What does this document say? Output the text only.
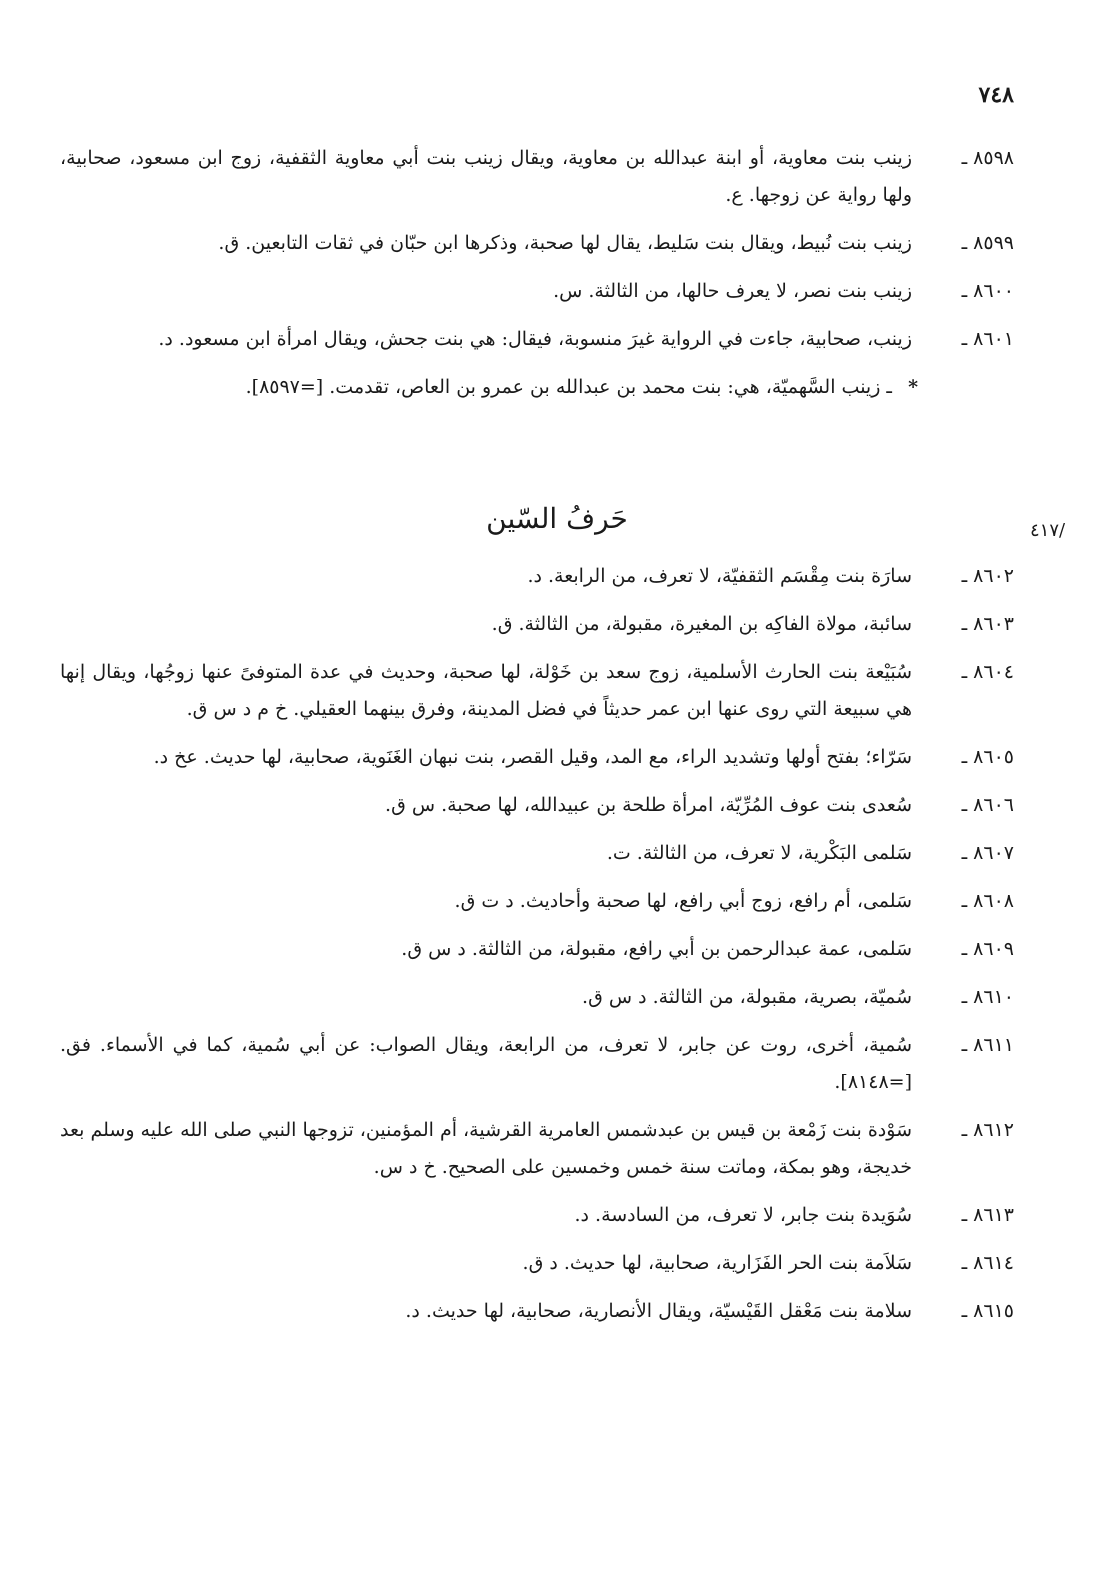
٧٤٨
٨٥٩٨ ـ
زينب بنت معاوية، أو ابنة عبدالله بن معاوية، ويقال زينب بنت أبي معاوية الثقفية، زوج ابن مسعود، صحابية، ولها رواية عن زوجها. ع.
٨٥٩٩ ـ
زينب بنت نُبيط، ويقال بنت سَليط، يقال لها صحبة، وذكرها ابن حبّان في ثقات التابعين. ق.
٨٦٠٠ ـ
زينب بنت نصر، لا يعرف حالها، من الثالثة. س.
٨٦٠١ ـ
زينب، صحابية، جاءت في الرواية غيرَ منسوبة، فيقال: هي بنت جحش، ويقال امرأة ابن مسعود. د.
*
ـ زينب السَّهميّة، هي: بنت محمد بن عبدالله بن عمرو بن العاص، تقدمت. [=٨٥٩٧].
حَرفُ السّين	/٤١٧
٨٦٠٢ ـ
سارَة بنت مِقْسَم الثقفيّة، لا تعرف، من الرابعة. د.
٨٦٠٣ ـ
سائبة، مولاة الفاكِه بن المغيرة، مقبولة، من الثالثة. ق.
٨٦٠٤ ـ
سُبَيْعة بنت الحارث الأسلمية، زوج سعد بن خَوْلة، لها صحبة، وحديث في عدة المتوفىً عنها زوجُها، ويقال إنها هي سبيعة التي روى عنها ابن عمر حديثاً في فضل المدينة، وفرق بينهما العقيلي. خ م د س ق.
٨٦٠٥ ـ
سَرّاء؛ بفتح أولها وتشديد الراء، مع المد، وقيل القصر، بنت نبهان الغَنَوية، صحابية، لها حديث. عخ د.
٨٦٠٦ ـ
سُعدى بنت عوف المُرِّيّة، امرأة طلحة بن عبيدالله، لها صحبة. س ق.
٨٦٠٧ ـ
سَلمى البَكْرية، لا تعرف، من الثالثة. ت.
٨٦٠٨ ـ
سَلمى، أم رافع، زوج أبي رافع، لها صحبة وأحاديث. د ت ق.
٨٦٠٩ ـ
سَلمى، عمة عبدالرحمن بن أبي رافع، مقبولة، من الثالثة. د س ق.
٨٦١٠ ـ
سُميّة، بصرية، مقبولة، من الثالثة. د س ق.
٨٦١١ ـ
سُمية، أخرى، روت عن جابر، لا تعرف، من الرابعة، ويقال الصواب: عن أبي سُمية، كما في الأسماء. فق. [=٨١٤٨].
٨٦١٢ ـ
سَوْدة بنت زَمْعة بن قيس بن عبدشمس العامرية القرشية، أم المؤمنين، تزوجها النبي صلى الله عليه وسلم بعد خديجة، وهو بمكة، وماتت سنة خمس وخمسين على الصحيح. خ د س.
٨٦١٣ ـ
سُوَيدة بنت جابر، لا تعرف، من السادسة. د.
٨٦١٤ ـ
سَلاَمة بنت الحر الفَزَارية، صحابية، لها حديث. د ق.
٨٦١٥ ـ
سلامة بنت مَعْقل القَيْسيّة، ويقال الأنصارية، صحابية، لها حديث. د.
